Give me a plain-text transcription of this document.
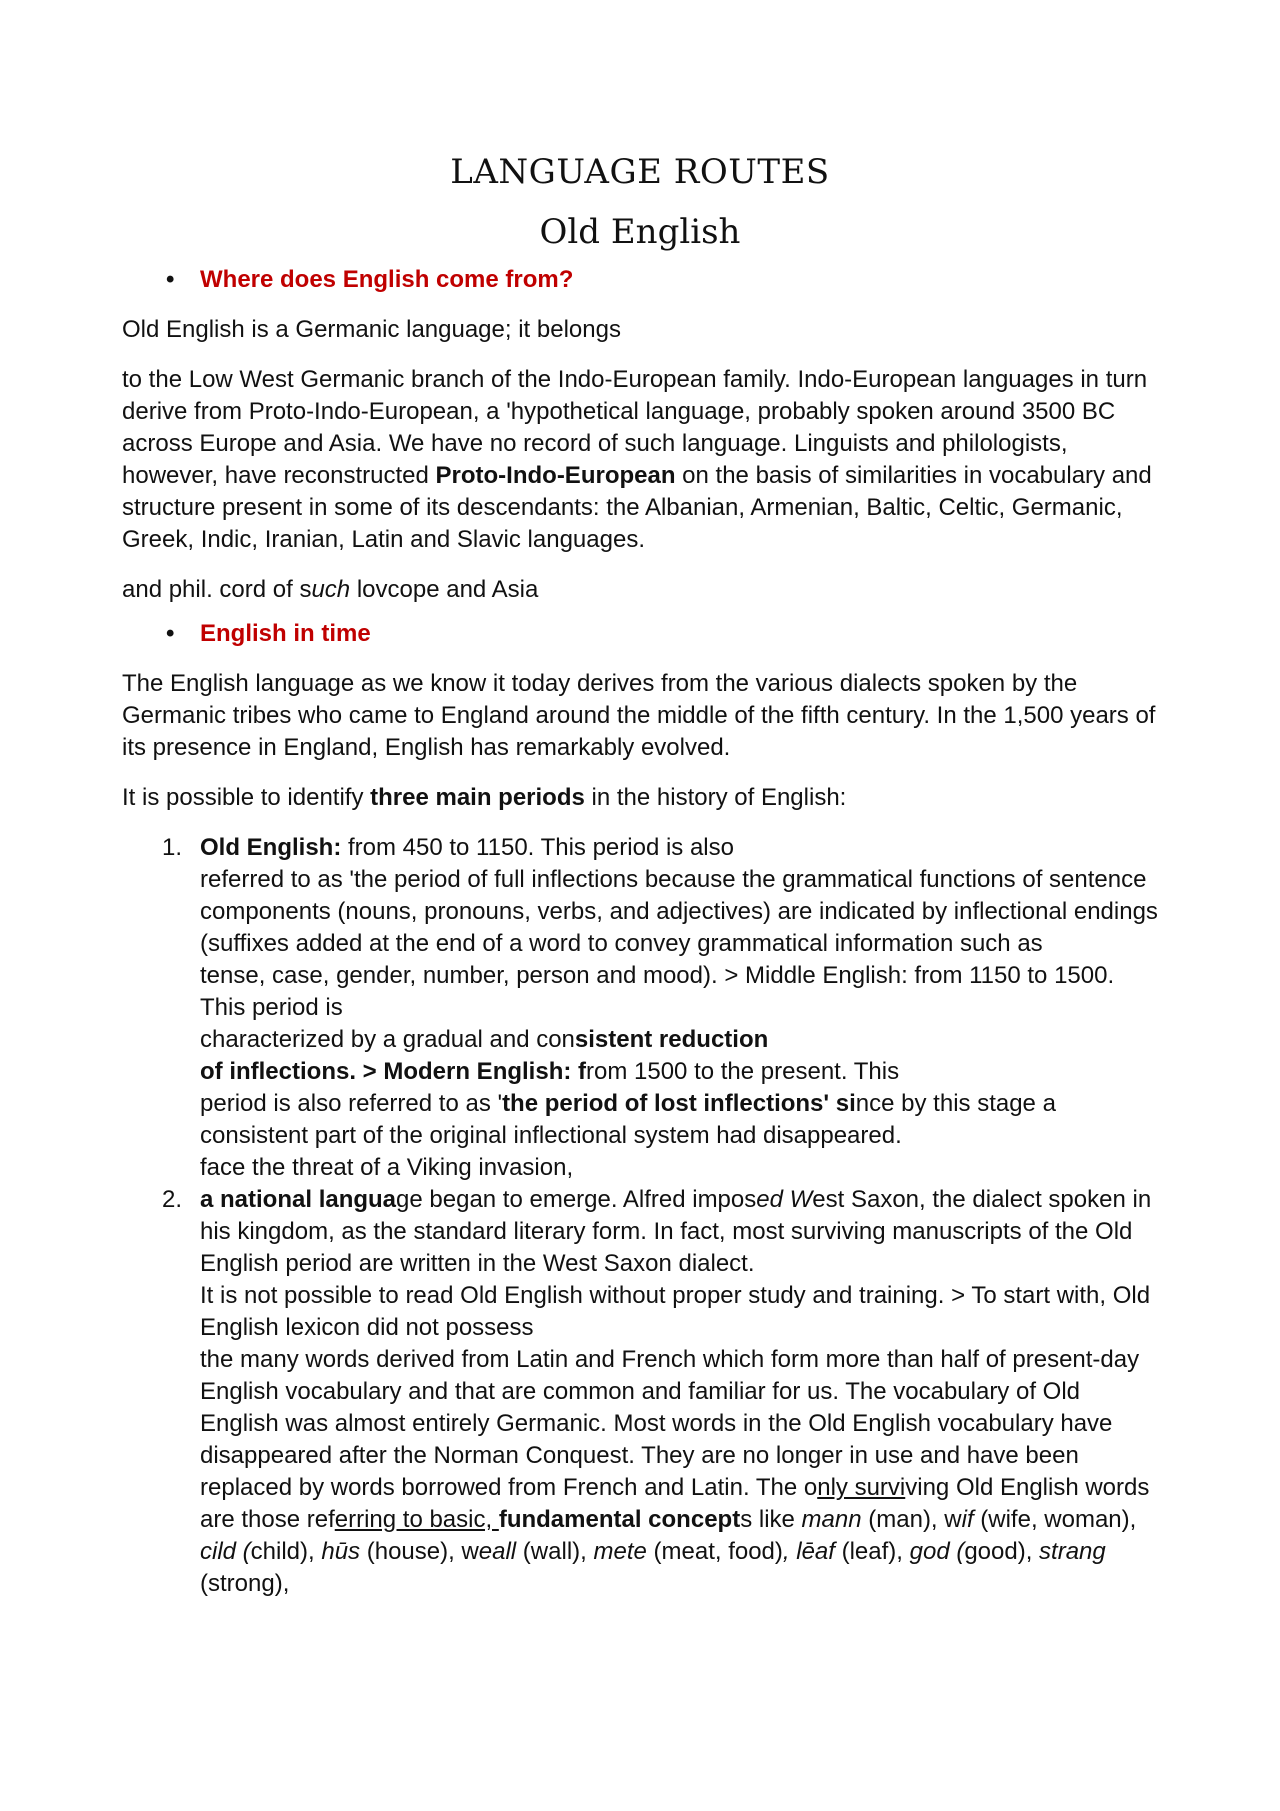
LANGUAGE ROUTES
Old English
• Where does English come from?

Old English is a Germanic language; it belongs

to the Low West Germanic branch of the Indo-European family. Indo-European languages in turn derive from Proto-Indo-European, a 'hypothetical language, probably spoken around 3500 BC across Europe and Asia. We have no record of such language. Linguists and philologists, however, have reconstructed Proto-Indo-European on the basis of similarities in vocabulary and structure present in some of its descendants: the Albanian, Armenian, Baltic, Celtic, Germanic, Greek, Indic, Iranian, Latin and Slavic languages.

and phil. cord of such lovcope and Asia

• English in time

The English language as we know it today derives from the various dialects spoken by the Germanic tribes who came to England around the middle of the fifth century. In the 1,500 years of its presence in England, English has remarkably evolved.

It is possible to identify three main periods in the history of English:

1. Old English: from 450 to 1150. This period is also
referred to as 'the period of full inflections because the grammatical functions of sentence components (nouns, pronouns, verbs, and adjectives) are indicated by inflectional endings (suffixes added at the end of a word to convey grammatical information such as
tense, case, gender, number, person and mood). > Middle English: from 1150 to 1500. This period is
characterized by a gradual and consistent reduction
of inflections. > Modern English: from 1500 to the present. This
period is also referred to as 'the period of lost inflections' since by this stage a consistent part of the original inflectional system had disappeared.
face the threat of a Viking invasion,
2. a national language began to emerge. Alfred imposed West Saxon, the dialect spoken in his kingdom, as the standard literary form. In fact, most surviving manuscripts of the Old English period are written in the West Saxon dialect.
It is not possible to read Old English without proper study and training. > To start with, Old English lexicon did not possess
the many words derived from Latin and French which form more than half of present-day English vocabulary and that are common and familiar for us. The vocabulary of Old English was almost entirely Germanic. Most words in the Old English vocabulary have disappeared after the Norman Conquest. They are no longer in use and have been replaced by words borrowed from French and Latin. The only surviving Old English words are those referring to basic, fundamental concepts like mann (man), wif (wife, woman), cild (child), hūs (house), weall (wall), mete (meat, food), lēaf (leaf), god (good), strang (strong),
